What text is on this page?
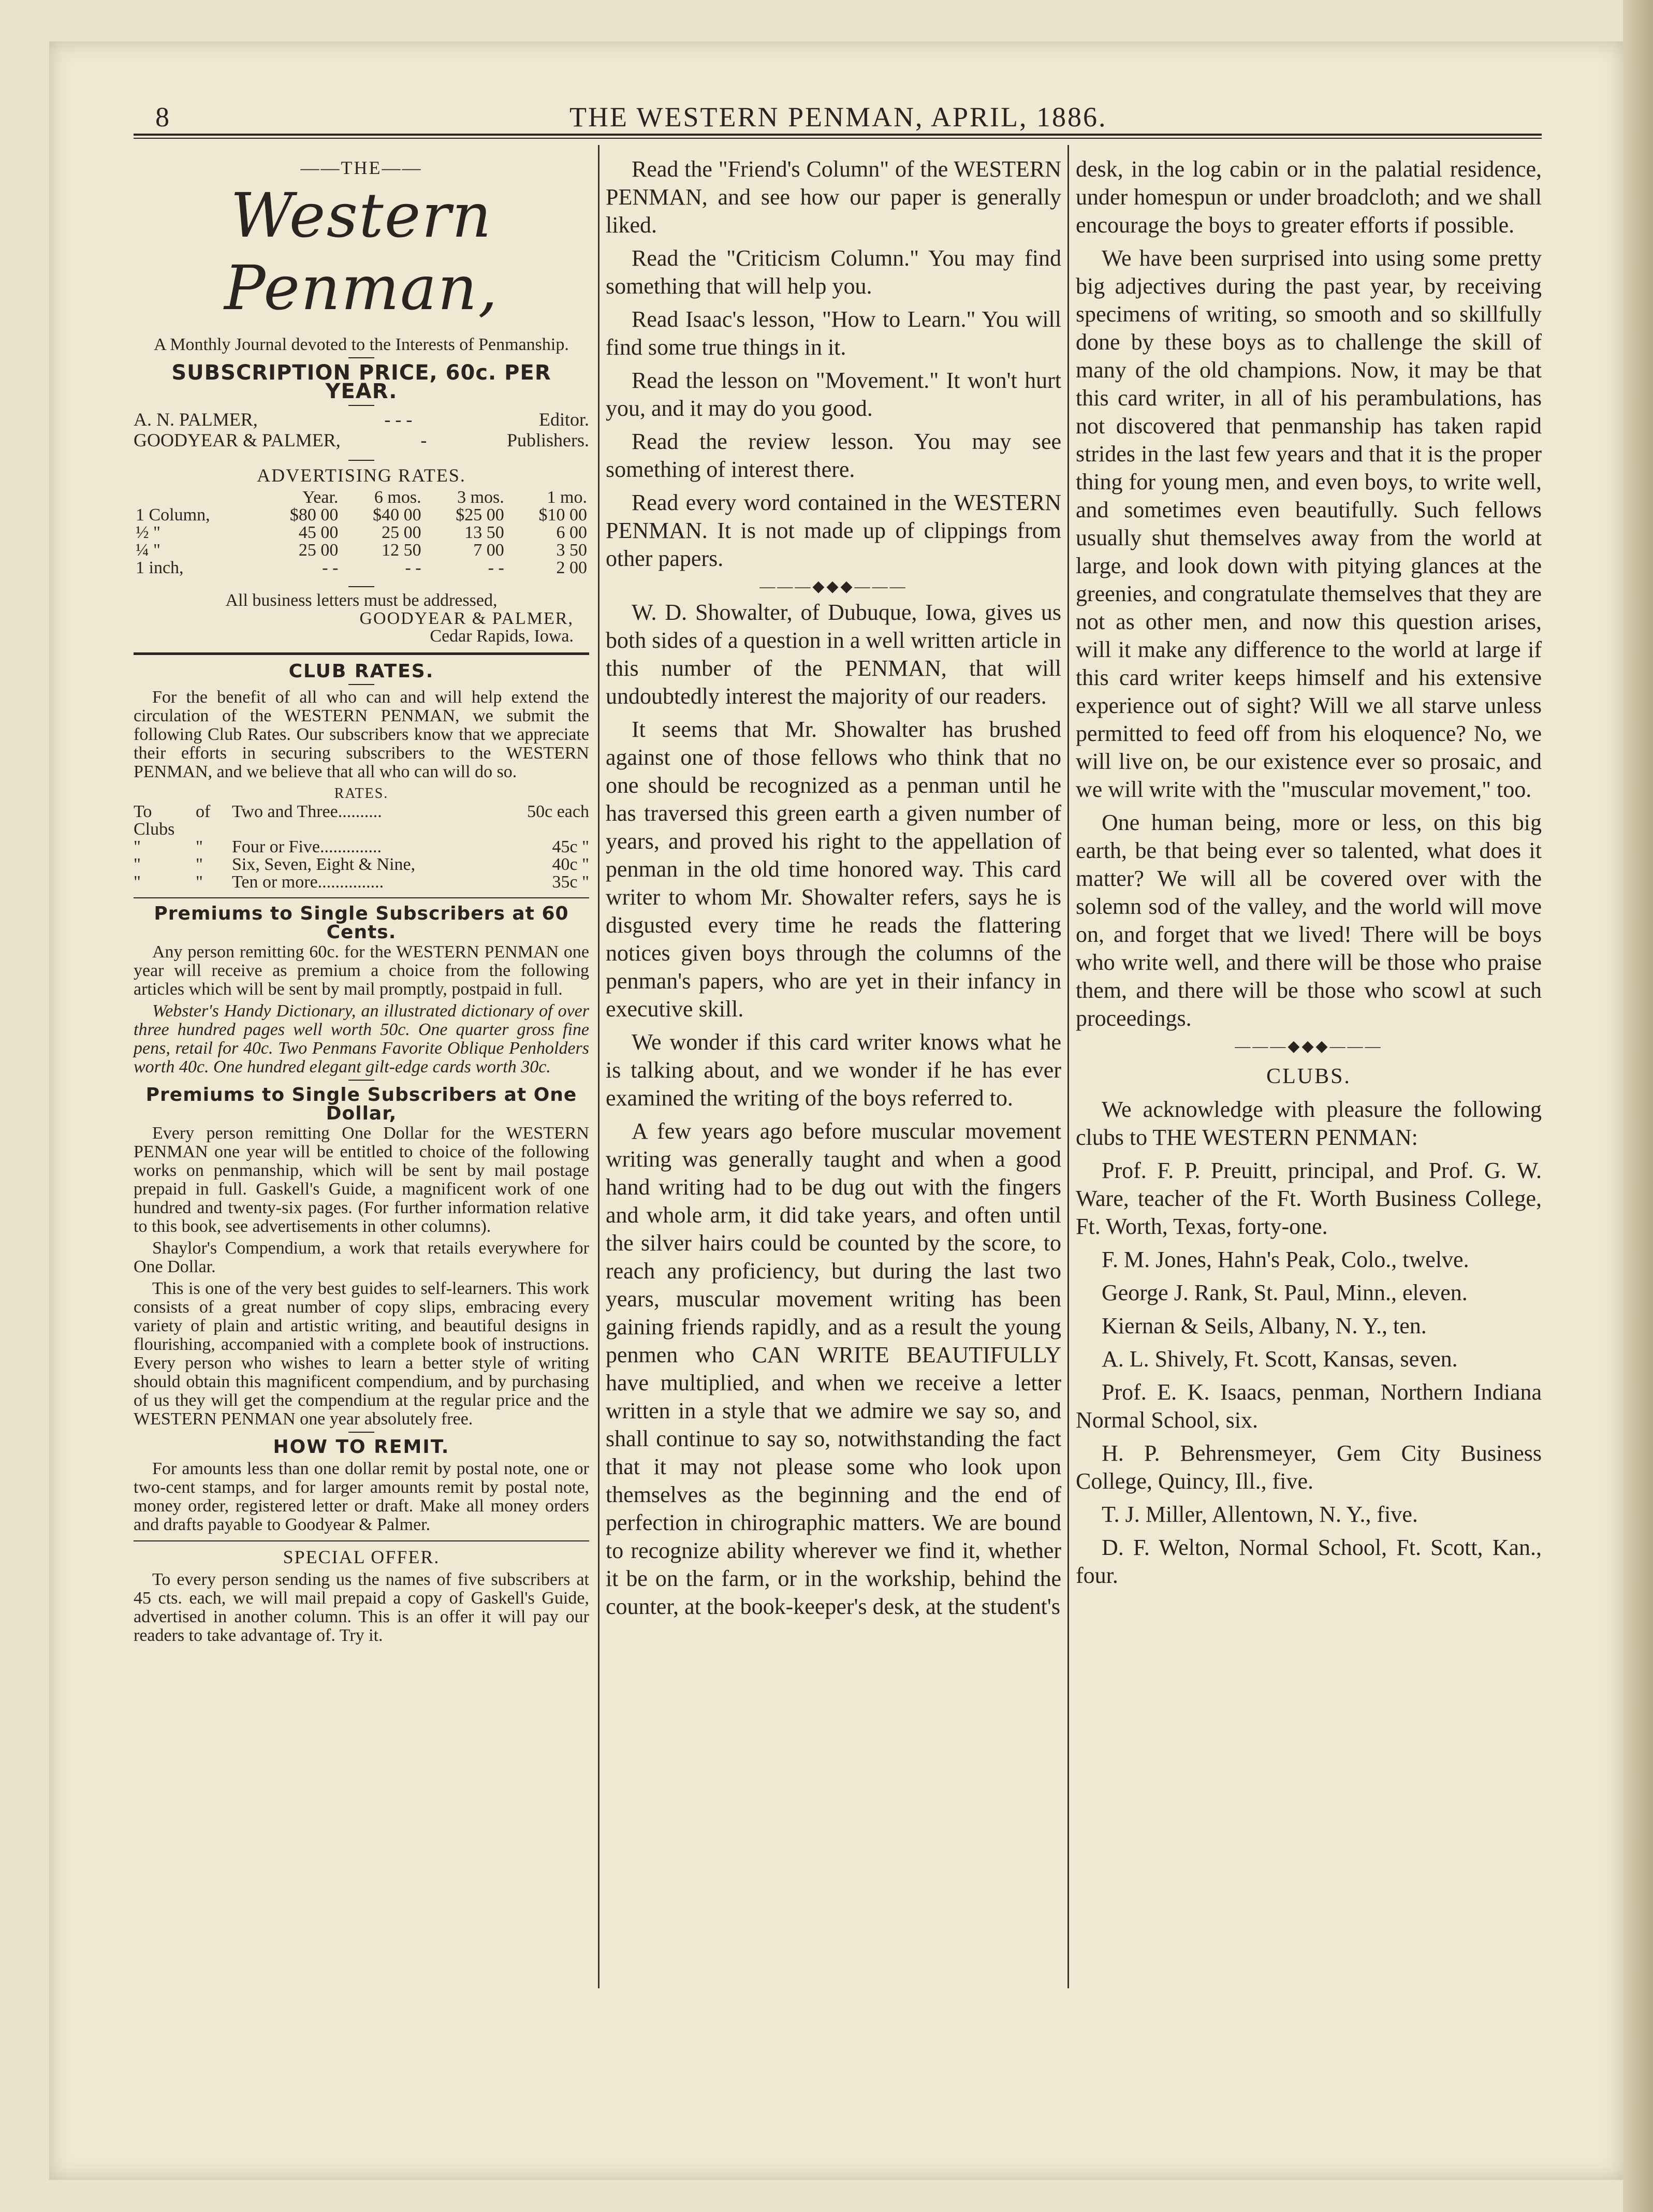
8	THE WESTERN PENMAN, APRIL, 1886.
——THE——
Western Penman,
A Monthly Journal devoted to the Interests of Penmanship.
SUBSCRIPTION PRICE, 60c. PER YEAR.
A. N. PALMER,	- - -	Editor.
GOODYEAR & PALMER,	-	Publishers.
ADVERTISING RATES.
	Year.	6 mos.	3 mos.	1 mo.
1 Column,	$80 00	$40 00	$25 00	$10 00
½ "	45 00	25 00	13 50	6 00
¼ "	25 00	12 50	7 00	3 50
1 inch,	- -	- -	- -	2 00
All business letters must be addressed,
GOODYEAR & PALMER,
Cedar Rapids, Iowa.
CLUB RATES.

For the benefit of all who can and will help extend the circulation of the WESTERN PENMAN, we submit the following Club Rates. Our subscribers know that we appreciate their efforts in securing subscribers to the WESTERN PENMAN, and we believe that all who can will do so.

RATES.
To Clubs
of	Two and Three..........	50c each
"	"	Four or Five..............	45c "
"	"	Six, Seven, Eight & Nine,	40c "
"	"	Ten or more...............	35c "
Premiums to Single Subscribers at 60 Cents.

Any person remitting 60c. for the WESTERN PENMAN one year will receive as premium a choice from the following articles which will be sent by mail promptly, postpaid in full.

Webster's Handy Dictionary, an illustrated dictionary of over three hundred pages well worth 50c. One quarter gross fine pens, retail for 40c. Two Penmans Favorite Oblique Penholders worth 40c. One hundred elegant gilt-edge cards worth 30c.

Premiums to Single Subscribers at One Dollar,

Every person remitting One Dollar for the WESTERN PENMAN one year will be entitled to choice of the following works on penmanship, which will be sent by mail postage prepaid in full. Gaskell's Guide, a magnificent work of one hundred and twenty-six pages. (For further information relative to this book, see advertisements in other columns).

Shaylor's Compendium, a work that retails everywhere for One Dollar.

This is one of the very best guides to self-learners. This work consists of a great number of copy slips, embracing every variety of plain and artistic writing, and beautiful designs in flourishing, accompanied with a complete book of instructions. Every person who wishes to learn a better style of writing should obtain this magnificent compendium, and by purchasing of us they will get the compendium at the regular price and the WESTERN PENMAN one year absolutely free.

HOW TO REMIT.

For amounts less than one dollar remit by postal note, one or two-cent stamps, and for larger amounts remit by postal note, money order, registered letter or draft. Make all money orders and drafts payable to Goodyear & Palmer.

SPECIAL OFFER.

To every person sending us the names of five subscribers at 45 cts. each, we will mail prepaid a copy of Gaskell's Guide, advertised in another column. This is an offer it will pay our readers to take advantage of. Try it.

Read the "Friend's Column" of the WESTERN PENMAN, and see how our paper is generally liked.

Read the "Criticism Column." You may find something that will help you.

Read Isaac's lesson, "How to Learn." You will find some true things in it.

Read the lesson on "Movement." It won't hurt you, and it may do you good.

Read the review lesson. You may see something of interest there.

Read every word contained in the WESTERN PENMAN. It is not made up of clippings from other papers.

———◆◆◆———

W. D. Showalter, of Dubuque, Iowa, gives us both sides of a question in a well written article in this number of the PENMAN, that will undoubtedly interest the majority of our readers.

It seems that Mr. Showalter has brushed against one of those fellows who think that no one should be recognized as a penman until he has traversed this green earth a given number of years, and proved his right to the appellation of penman in the old time honored way. This card writer to whom Mr. Showalter refers, says he is disgusted every time he reads the flattering notices given boys through the columns of the penman's papers, who are yet in their infancy in executive skill.

We wonder if this card writer knows what he is talking about, and we wonder if he has ever examined the writing of the boys referred to.

A few years ago before muscular movement writing was generally taught and when a good hand writing had to be dug out with the fingers and whole arm, it did take years, and often until the silver hairs could be counted by the score, to reach any proficiency, but during the last two years, muscular movement writing has been gaining friends rapidly, and as a result the young penmen who CAN WRITE BEAUTIFULLY have multiplied, and when we receive a letter written in a style that we admire we say so, and shall continue to say so, notwithstanding the fact that it may not please some who look upon themselves as the beginning and the end of perfection in chirographic matters. We are bound to recognize ability wherever we find it, whether it be on the farm, or in the workship, behind the counter, at the book-keeper's desk, at the student's

desk, in the log cabin or in the palatial residence, under homespun or under broadcloth; and we shall encourage the boys to greater efforts if possible.

We have been surprised into using some pretty big adjectives during the past year, by receiving specimens of writing, so smooth and so skillfully done by these boys as to challenge the skill of many of the old champions. Now, it may be that this card writer, in all of his perambulations, has not discovered that penmanship has taken rapid strides in the last few years and that it is the proper thing for young men, and even boys, to write well, and sometimes even beautifully. Such fellows usually shut themselves away from the world at large, and look down with pitying glances at the greenies, and congratulate themselves that they are not as other men, and now this question arises, will it make any difference to the world at large if this card writer keeps himself and his extensive experience out of sight? Will we all starve unless permitted to feed off from his eloquence? No, we will live on, be our existence ever so prosaic, and we will write with the "muscular movement," too.

One human being, more or less, on this big earth, be that being ever so talented, what does it matter? We will all be covered over with the solemn sod of the valley, and the world will move on, and forget that we lived! There will be boys who write well, and there will be those who praise them, and there will be those who scowl at such proceedings.

———◆◆◆———
CLUBS.

We acknowledge with pleasure the following clubs to THE WESTERN PENMAN:

Prof. F. P. Preuitt, principal, and Prof. G. W. Ware, teacher of the Ft. Worth Business College, Ft. Worth, Texas, forty-one.

F. M. Jones, Hahn's Peak, Colo., twelve.

George J. Rank, St. Paul, Minn., eleven.

Kiernan & Seils, Albany, N. Y., ten.

A. L. Shively, Ft. Scott, Kansas, seven.

Prof. E. K. Isaacs, penman, Northern Indiana Normal School, six.

H. P. Behrensmeyer, Gem City Business College, Quincy, Ill., five.

T. J. Miller, Allentown, N. Y., five.

D. F. Welton, Normal School, Ft. Scott, Kan., four.
